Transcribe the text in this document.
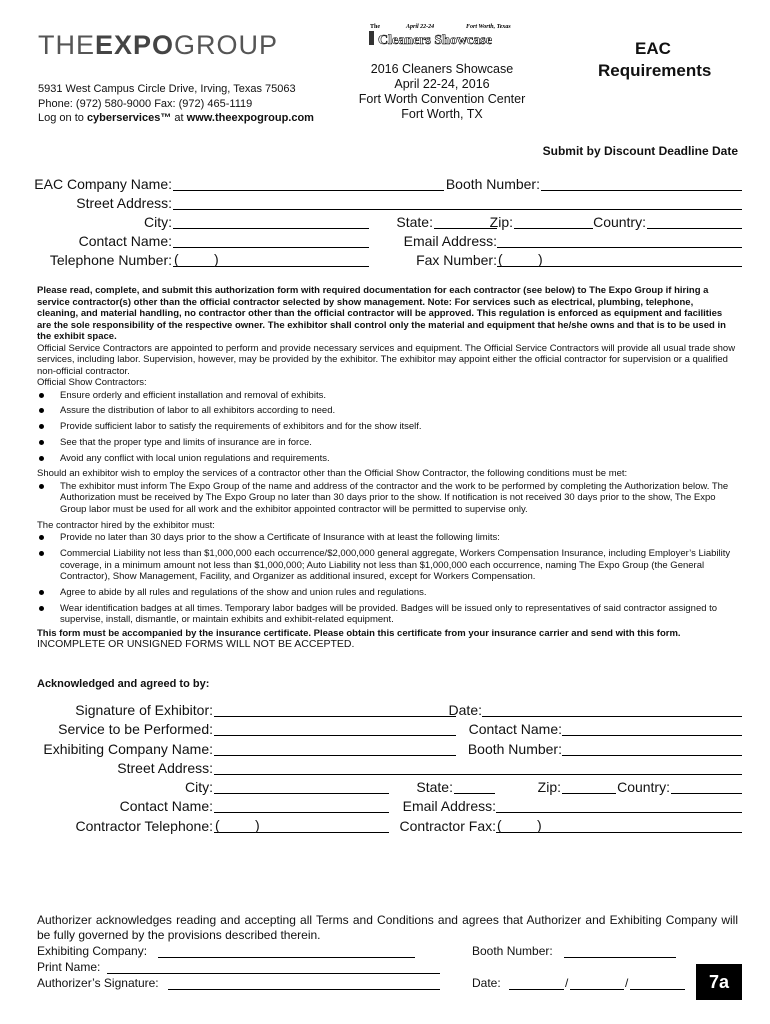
THEEXPOGROUP
5931 West Campus Circle Drive, Irving, Texas 75063
Phone: (972) 580-9000 Fax: (972) 465-1119
Log on to cyberservices™ at www.theexpogroup.com
The	April 22-24	Fort Worth, Texas
Cleaners Showcase
2016 Cleaners Showcase
April 22-24, 2016
Fort Worth Convention Center
Fort Worth, TX
EAC
Requirements
Submit by Discount Deadline Date
EAC Company Name:	Booth Number:
Street Address:
City:	State:	Zip:	Country:
Contact Name:	Email Address:
Telephone Number: (	)	Fax Number: (	)

Please read, complete, and submit this authorization form with required documentation for each contractor (see below) to The Expo Group if hiring a service contractor(s) other than the official contractor selected by show management. Note: For services such as electrical, plumbing, telephone, cleaning, and material handling, no contractor other than the official contractor will be approved. This regulation is enforced as equipment and facilities are the sole responsibility of the respective owner. The exhibitor shall control only the material and equipment that he/she owns and that is to be used in the exhibit space.

Official Service Contractors are appointed to perform and provide necessary services and equipment. The Official Service Contractors will provide all usual trade show services, including labor. Supervision, however, may be provided by the exhibitor. The exhibitor may appoint either the official contractor for supervision or a qualified non-official contractor.

Official Show Contractors:

Ensure orderly and efficient installation and removal of exhibits.
Assure the distribution of labor to all exhibitors according to need.
Provide sufficient labor to satisfy the requirements of exhibitors and for the show itself.
See that the proper type and limits of insurance are in force.
Avoid any conflict with local union regulations and requirements.

Should an exhibitor wish to employ the services of a contractor other than the Official Show Contractor, the following conditions must be met:

The exhibitor must inform The Expo Group of the name and address of the contractor and the work to be performed by completing the Authorization below. The Authorization must be received by The Expo Group no later than 30 days prior to the show. If notification is not received 30 days prior to the show, The Expo Group labor must be used for all work and the exhibitor appointed contractor will be permitted to supervise only.

The contractor hired by the exhibitor must:

Provide no later than 30 days prior to the show a Certificate of Insurance with at least the following limits:
Commercial Liability not less than $1,000,000 each occurrence/$2,000,000 general aggregate, Workers Compensation Insurance, including Employer’s Liability coverage, in a minimum amount not less than $1,000,000; Auto Liability not less than $1,000,000 each occurrence, naming The Expo Group (the General Contractor), Show Management, Facility, and Organizer as additional insured, except for Workers Compensation.
Agree to abide by all rules and regulations of the show and union rules and regulations.
Wear identification badges at all times. Temporary labor badges will be provided. Badges will be issued only to representatives of said contractor assigned to supervise, install, dismantle, or maintain exhibits and exhibit-related equipment.

This form must be accompanied by the insurance certificate. Please obtain this certificate from your insurance carrier and send with this form.

INCOMPLETE OR UNSIGNED FORMS WILL NOT BE ACCEPTED.

Acknowledged and agreed to by:
Signature of Exhibitor:	Date:
Service to be Performed:	Contact Name:
Exhibiting Company Name:	Booth Number:
Street Address:
City:	State:	Zip:	Country:
Contact Name:	Email Address:
Contractor Telephone: (	)	Contractor Fax: (	)
Authorizer acknowledges reading and accepting all Terms and Conditions and agrees that Authorizer and Exhibiting Company will be fully governed by the provisions described therein.
Exhibiting Company:	Booth Number:
Print Name:
Authorizer’s Signature:	Date:	/	/	7a
